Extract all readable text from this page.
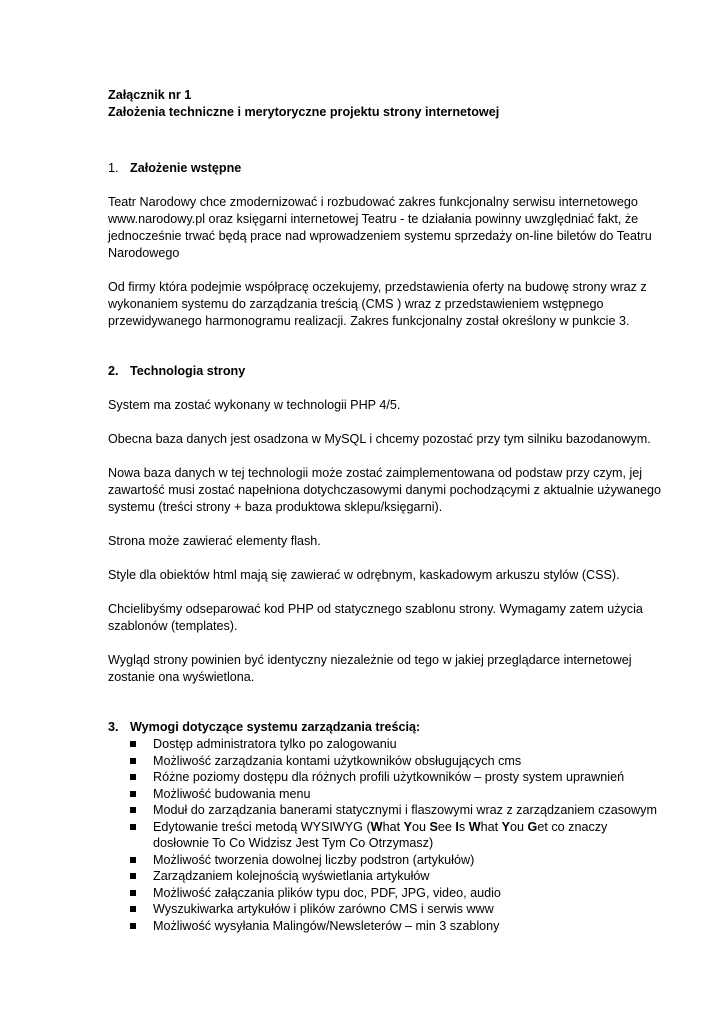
Załącznik nr 1

Założenia techniczne i merytoryczne projektu strony internetowej

1. Założenie wstępne

Teatr Narodowy chce zmodernizować i rozbudować zakres funkcjonalny serwisu internetowego www.narodowy.pl oraz księgarni internetowej Teatru - te działania powinny uwzględniać fakt, że jednocześnie trwać będą prace nad wprowadzeniem systemu sprzedaży on-line biletów do Teatru Narodowego

Od firmy która podejmie współpracę oczekujemy, przedstawienia oferty na budowę strony wraz z wykonaniem systemu do zarządzania treścią (CMS ) wraz z przedstawieniem wstępnego przewidywanego harmonogramu realizacji. Zakres funkcjonalny został określony w punkcie 3.

2. Technologia strony

System ma zostać wykonany w technologii PHP 4/5.

Obecna baza danych jest osadzona w MySQL i chcemy pozostać przy tym silniku bazodanowym.

Nowa baza danych w tej technologii może zostać zaimplementowana od podstaw przy czym, jej zawartość musi zostać napełniona dotychczasowymi danymi pochodzącymi z aktualnie używanego systemu (treści strony + baza produktowa sklepu/księgarni).

Strona może zawierać elementy flash.

Style dla obiektów html mają się zawierać w odrębnym, kaskadowym arkuszu stylów (CSS).

Chcielibyśmy odseparować kod PHP od statycznego szablonu strony. Wymagamy zatem użycia szablonów (templates).

Wygląd strony powinien być identyczny niezależnie od tego w jakiej przeglądarce internetowej zostanie ona wyświetlona.

3. Wymogi dotyczące systemu zarządzania treścią:
Dostęp administratora tylko po zalogowaniu
Możliwość zarządzania kontami użytkowników obsługujących cms
Różne poziomy dostępu dla różnych profili użytkowników – prosty system uprawnień
Możliwość budowania menu
Moduł do zarządzania banerami statycznymi i flaszowymi wraz z zarządzaniem czasowym
Edytowanie treści metodą WYSIWYG (What You See Is What You Get co znaczy dosłownie To Co Widzisz Jest Tym Co Otrzymasz)
Możliwość tworzenia dowolnej liczby podstron (artykułów)
Zarządzaniem kolejnością wyświetlania artykułów
Możliwość załączania plików typu doc, PDF, JPG, video, audio
Wyszukiwarka artykułów i plików zarówno CMS i serwis www
Możliwość wysyłania Malingów/Newsleterów – min 3 szablony
